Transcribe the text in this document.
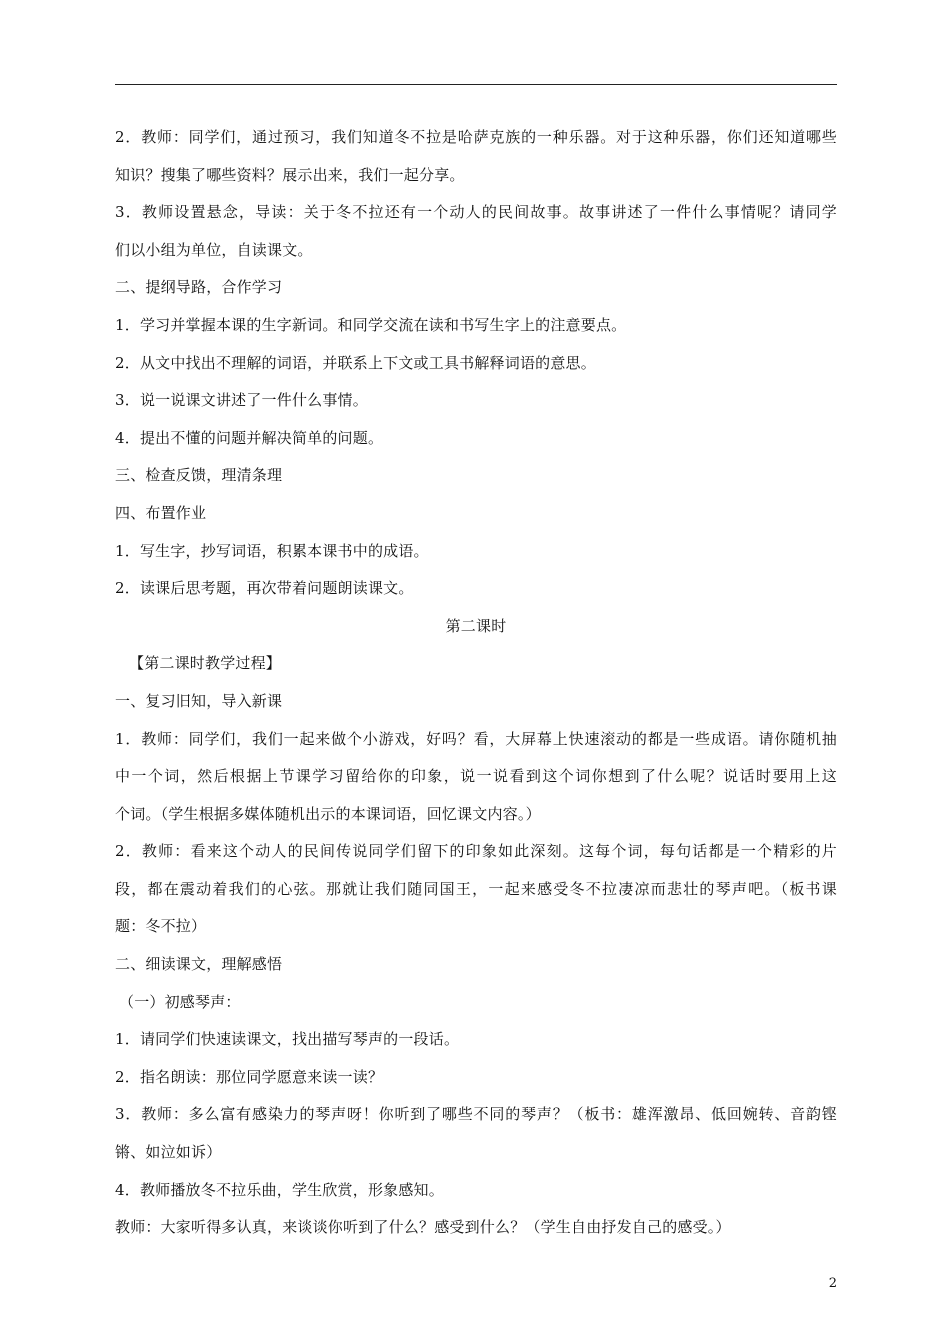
2．教师：同学们，通过预习，我们知道冬不拉是哈萨克族的一种乐器。对于这种乐器，你们还知道哪些
知识？搜集了哪些资料？展示出来，我们一起分享。
3．教师设置悬念，导读：关于冬不拉还有一个动人的民间故事。故事讲述了一件什么事情呢？请同学
们以小组为单位，自读课文。
二、提纲导路，合作学习
1．学习并掌握本课的生字新词。和同学交流在读和书写生字上的注意要点。
2．从文中找出不理解的词语，并联系上下文或工具书解释词语的意思。
3．说一说课文讲述了一件什么事情。
4．提出不懂的问题并解决简单的问题。
三、检查反馈，理清条理
四、布置作业
1．写生字，抄写词语，积累本课书中的成语。
2．读课后思考题，再次带着问题朗读课文。
第二课时
【第二课时教学过程】
一、复习旧知，导入新课
1．教师：同学们，我们一起来做个小游戏，好吗？看，大屏幕上快速滚动的都是一些成语。请你随机抽
中一个词，然后根据上节课学习留给你的印象，说一说看到这个词你想到了什么呢？说话时要用上这
个词。（学生根据多媒体随机出示的本课词语，回忆课文内容。）
2．教师：看来这个动人的民间传说同学们留下的印象如此深刻。这每个词，每句话都是一个精彩的片
段，都在震动着我们的心弦。那就让我们随同国王，一起来感受冬不拉凄凉而悲壮的琴声吧。（板书课
题：冬不拉）
二、细读课文，理解感悟
（一）初感琴声：
1．请同学们快速读课文，找出描写琴声的一段话。
2．指名朗读：那位同学愿意来读一读？
3．教师：多么富有感染力的琴声呀！你听到了哪些不同的琴声？（板书：雄浑激昂、低回婉转、音韵铿
锵、如泣如诉）
4．教师播放冬不拉乐曲，学生欣赏，形象感知。
教师：大家听得多认真，来谈谈你听到了什么？感受到什么？（学生自由抒发自己的感受。）
2
